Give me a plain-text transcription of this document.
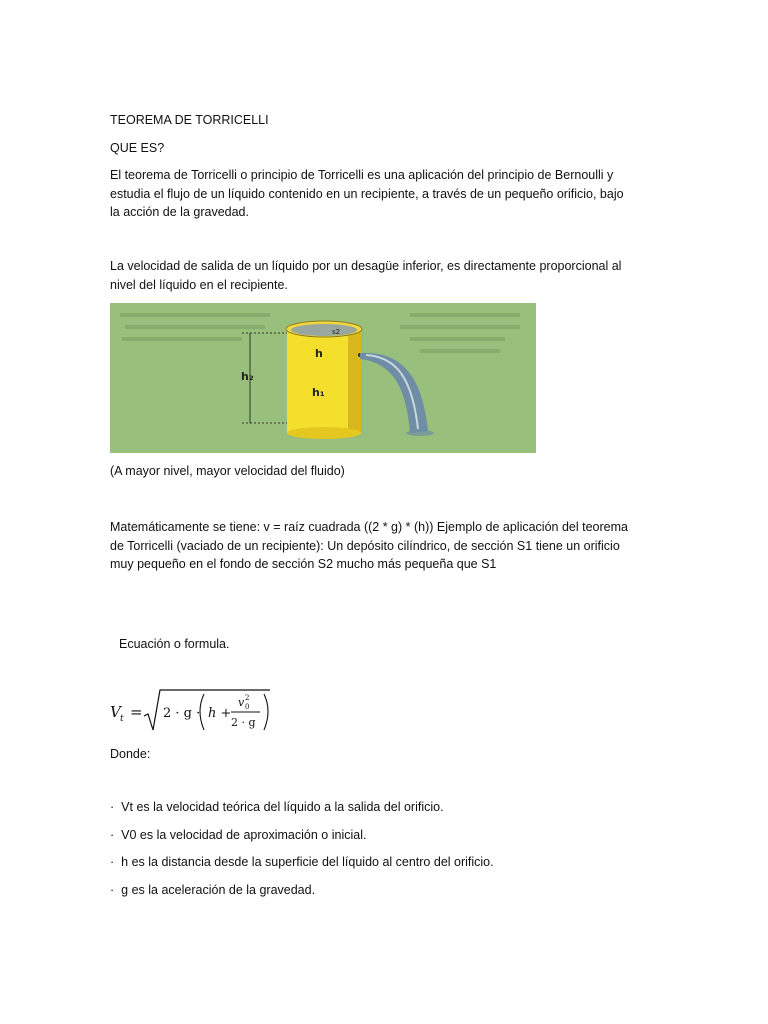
TEOREMA DE TORRICELLI
QUE ES?
El teorema de Torricelli o principio de Torricelli es una aplicación del principio de Bernoulli y
estudia el flujo de un líquido contenido en un recipiente, a través de un pequeño orificio, bajo
la acción de la gravedad.
La velocidad de salida de un líquido por un desagüe inferior, es directamente proporcional al
nivel del líquido en el recipiente.
h₂
h
h₁
s2
(A mayor nivel, mayor velocidad del fluido)
Matemáticamente se tiene: v = raíz cuadrada ((2 * g) * (h)) Ejemplo de aplicación del teorema
de Torricelli (vaciado de un recipiente): Un depósito cilíndrico, de sección S1 tiene un orificio
muy pequeño en el fondo de sección S2 mucho más pequeña que S1
Ecuación o formula.
V t = 2 · g · h +
v 2
0
2 · g
Donde:
· Vt es la velocidad teórica del líquido a la salida del orificio.
· V0 es la velocidad de aproximación o inicial.
· h es la distancia desde la superficie del líquido al centro del orificio.
· g es la aceleración de la gravedad.
